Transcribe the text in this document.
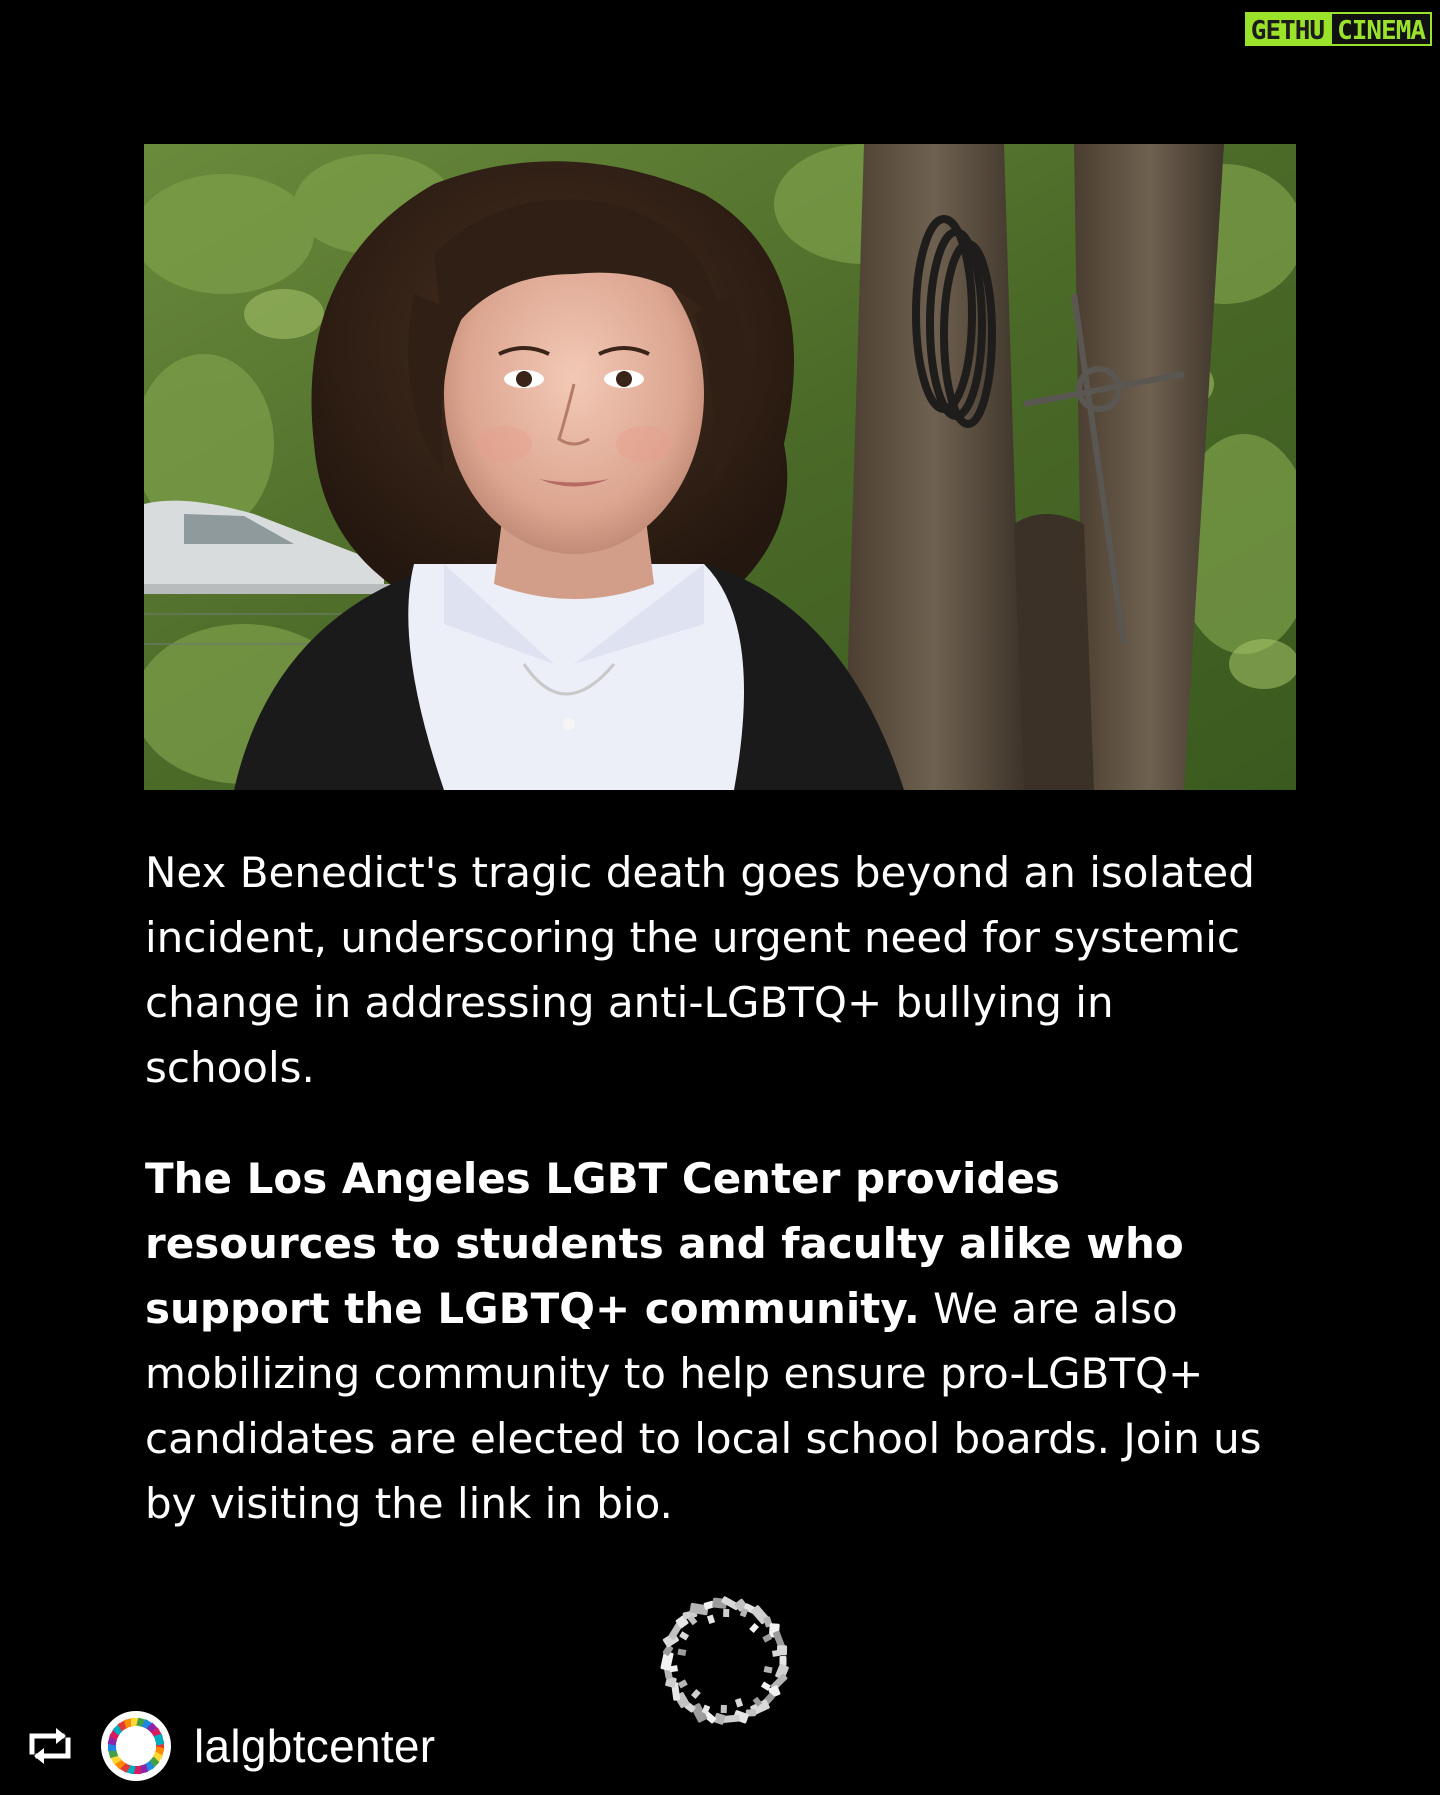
GETHU CINEMA

Nex Benedict's tragic death goes beyond an isolated incident, underscoring the urgent need for systemic change in addressing anti-LGBTQ+ bullying in schools.

The Los Angeles LGBT Center provides resources to students and faculty alike who support the LGBTQ+ community. We are also mobilizing community to help ensure pro-LGBTQ+ candidates are elected to local school boards. Join us by visiting the link in bio.

lalgbtcenter
